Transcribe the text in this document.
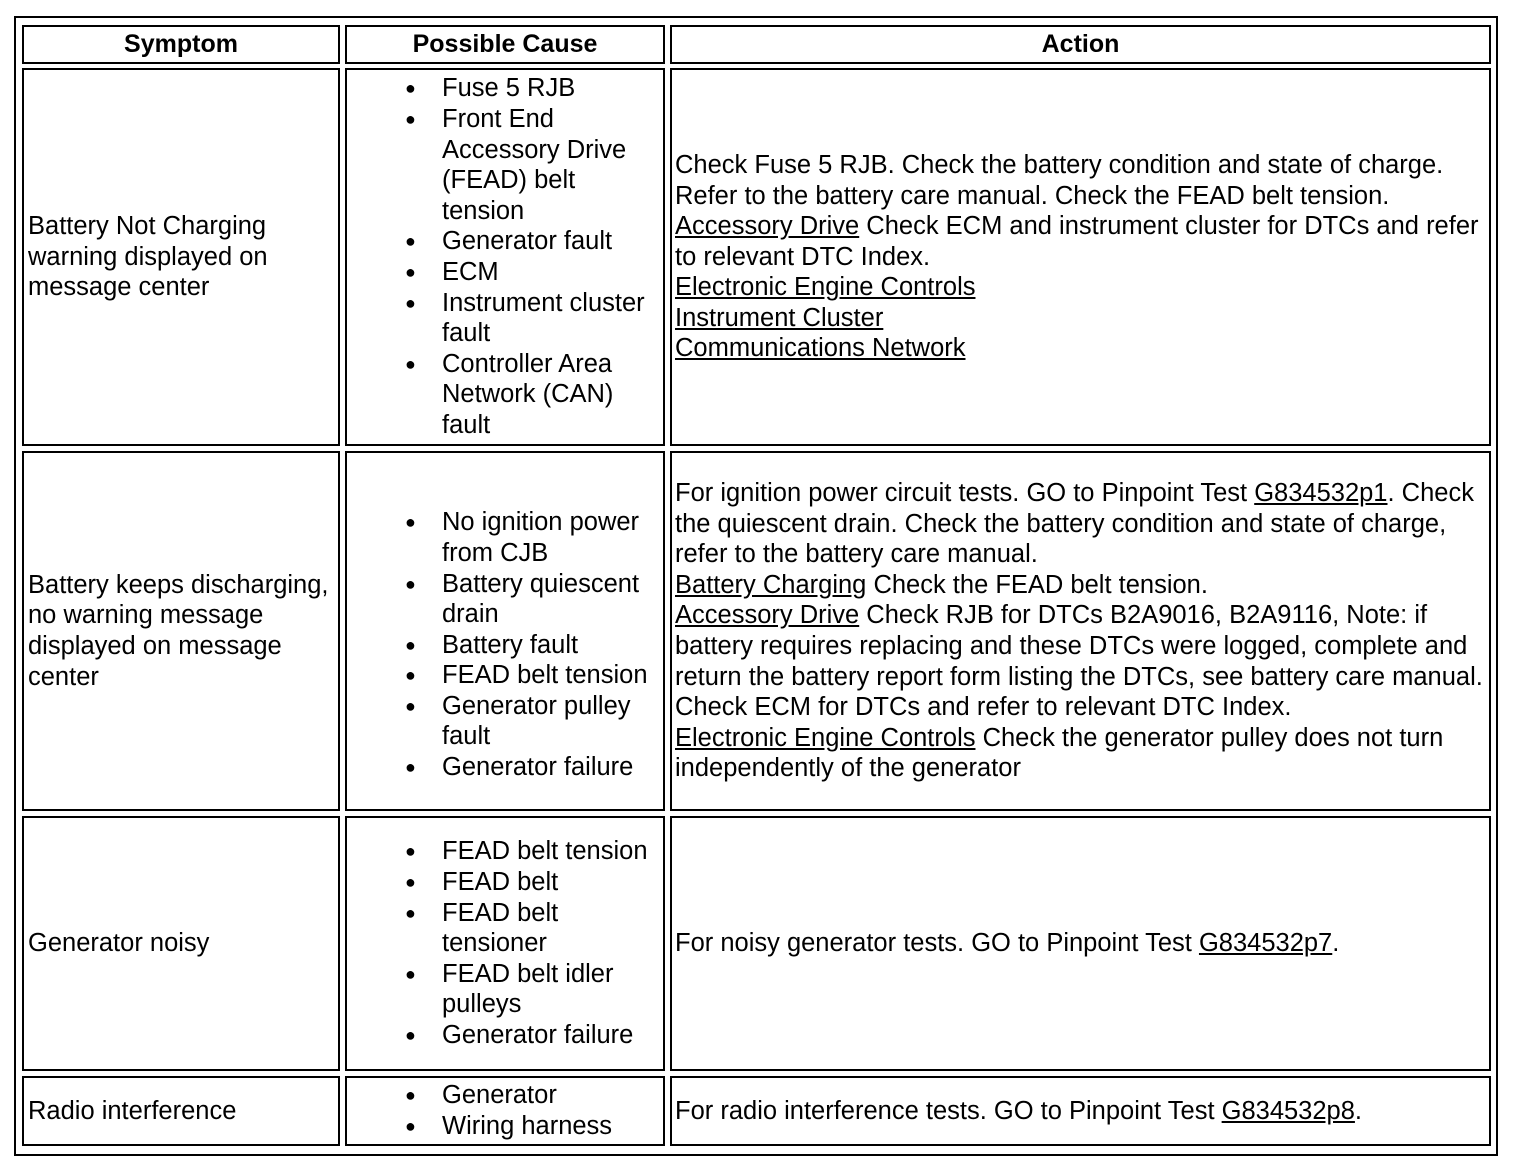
Symptom	Possible Cause	Action
Battery Not Charging warning displayed on message center
● Fuse 5 RJB
● Front End Accessory Drive (FEAD) belt tension
● Generator fault
● ECM
● Instrument cluster fault
● Controller Area Network (CAN) fault
Check Fuse 5 RJB. Check the battery condition and state of charge. Refer to the battery care manual. Check the FEAD belt tension.
Accessory Drive Check ECM and instrument cluster for DTCs and refer to relevant DTC Index.
Electronic Engine Controls
Instrument Cluster
Communications Network
Battery keeps discharging, no warning message displayed on message center
● No ignition power from CJB
● Battery quiescent drain
● Battery fault
● FEAD belt tension
● Generator pulley fault
● Generator failure
For ignition power circuit tests. GO to Pinpoint Test G834532p1. Check the quiescent drain. Check the battery condition and state of charge, refer to the battery care manual.
Battery Charging Check the FEAD belt tension.
Accessory Drive Check RJB for DTCs B2A9016, B2A9116, Note: if battery requires replacing and these DTCs were logged, complete and return the battery report form listing the DTCs, see battery care manual. Check ECM for DTCs and refer to relevant DTC Index.
Electronic Engine Controls Check the generator pulley does not turn independently of the generator
Generator noisy
● FEAD belt tension
● FEAD belt
● FEAD belt tensioner
● FEAD belt idler pulleys
● Generator failure
For noisy generator tests. GO to Pinpoint Test G834532p7.
Radio interference
● Generator
● Wiring harness
For radio interference tests. GO to Pinpoint Test G834532p8.
